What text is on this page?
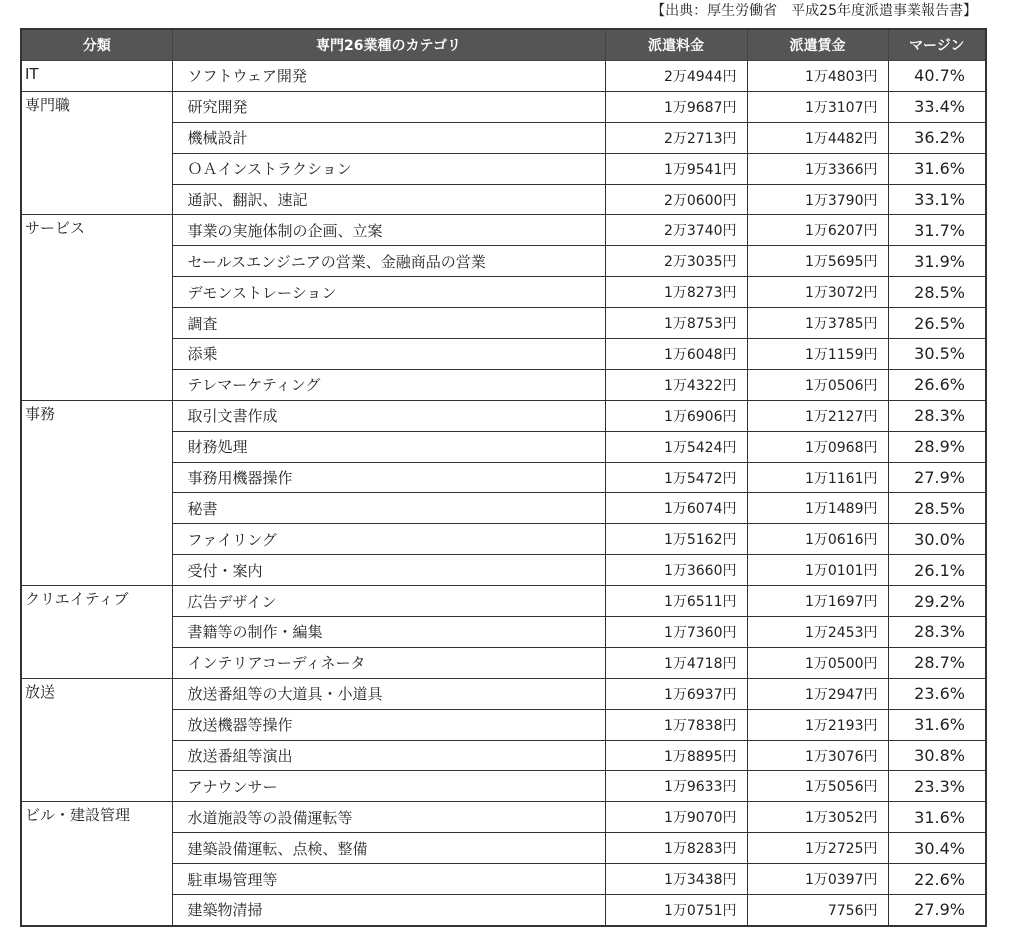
【出典：厚生労働省　平成25年度派遣事業報告書】
分類	専門26業種のカテゴリ	派遣料金	派遣賃金	マージン
IT	ソフトウェア開発	2万4944円	1万4803円	40.7%
専門職	研究開発	1万9687円	1万3107円	33.4%
	機械設計	2万2713円	1万4482円	36.2%
	ＯＡインストラクション	1万9541円	1万3366円	31.6%
	通訳、翻訳、速記	2万0600円	1万3790円	33.1%
サービス	事業の実施体制の企画、立案	2万3740円	1万6207円	31.7%
	セールスエンジニアの営業、金融商品の営業	2万3035円	1万5695円	31.9%
	デモンストレーション	1万8273円	1万3072円	28.5%
	調査	1万8753円	1万3785円	26.5%
	添乗	1万6048円	1万1159円	30.5%
	テレマーケティング	1万4322円	1万0506円	26.6%
事務	取引文書作成	1万6906円	1万2127円	28.3%
	財務処理	1万5424円	1万0968円	28.9%
	事務用機器操作	1万5472円	1万1161円	27.9%
	秘書	1万6074円	1万1489円	28.5%
	ファイリング	1万5162円	1万0616円	30.0%
	受付・案内	1万3660円	1万0101円	26.1%
クリエイティブ	広告デザイン	1万6511円	1万1697円	29.2%
	書籍等の制作・編集	1万7360円	1万2453円	28.3%
	インテリアコーディネータ	1万4718円	1万0500円	28.7%
放送	放送番組等の大道具・小道具	1万6937円	1万2947円	23.6%
	放送機器等操作	1万7838円	1万2193円	31.6%
	放送番組等演出	1万8895円	1万3076円	30.8%
	アナウンサー	1万9633円	1万5056円	23.3%
ビル・建設管理	水道施設等の設備運転等	1万9070円	1万3052円	31.6%
	建築設備運転、点検、整備	1万8283円	1万2725円	30.4%
	駐車場管理等	1万3438円	1万0397円	22.6%
	建築物清掃	1万0751円	7756円	27.9%
